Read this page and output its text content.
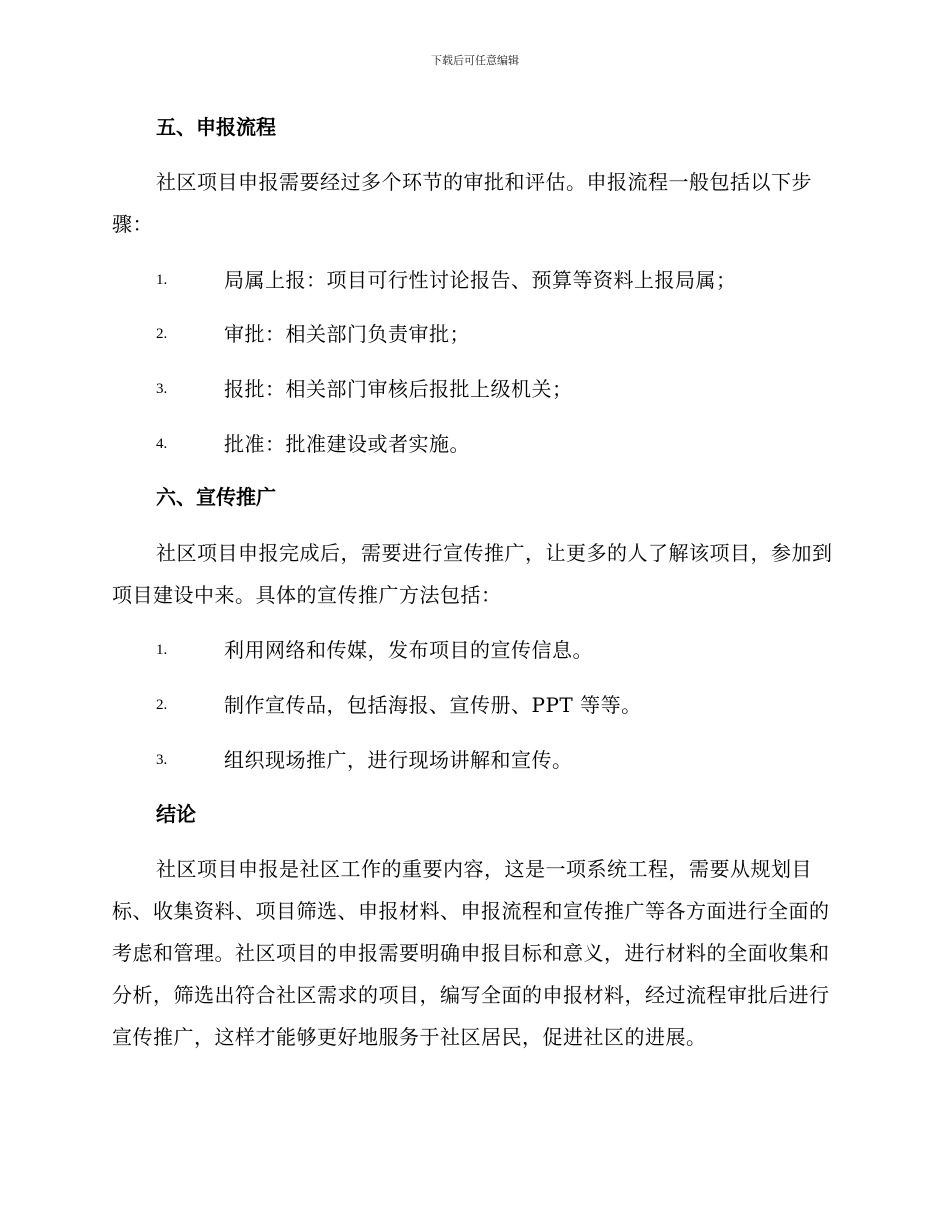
下载后可任意编辑
五、申报流程
社区项目申报需要经过多个环节的审批和评估。申报流程一般包括以下步骤：
1.	局属上报：项目可行性讨论报告、预算等资料上报局属；
2.	审批：相关部门负责审批；
3.	报批：相关部门审核后报批上级机关；
4.	批准：批准建设或者实施。
六、宣传推广
社区项目申报完成后，需要进行宣传推广，让更多的人了解该项目，参加到项目建设中来。具体的宣传推广方法包括：
1.	利用网络和传媒，发布项目的宣传信息。
2.	制作宣传品，包括海报、宣传册、PPT 等等。
3.	组织现场推广，进行现场讲解和宣传。
结论
社区项目申报是社区工作的重要内容，这是一项系统工程，需要从规划目标、收集资料、项目筛选、申报材料、申报流程和宣传推广等各方面进行全面的考虑和管理。社区项目的申报需要明确申报目标和意义，进行材料的全面收集和分析，筛选出符合社区需求的项目，编写全面的申报材料，经过流程审批后进行宣传推广，这样才能够更好地服务于社区居民，促进社区的进展。
